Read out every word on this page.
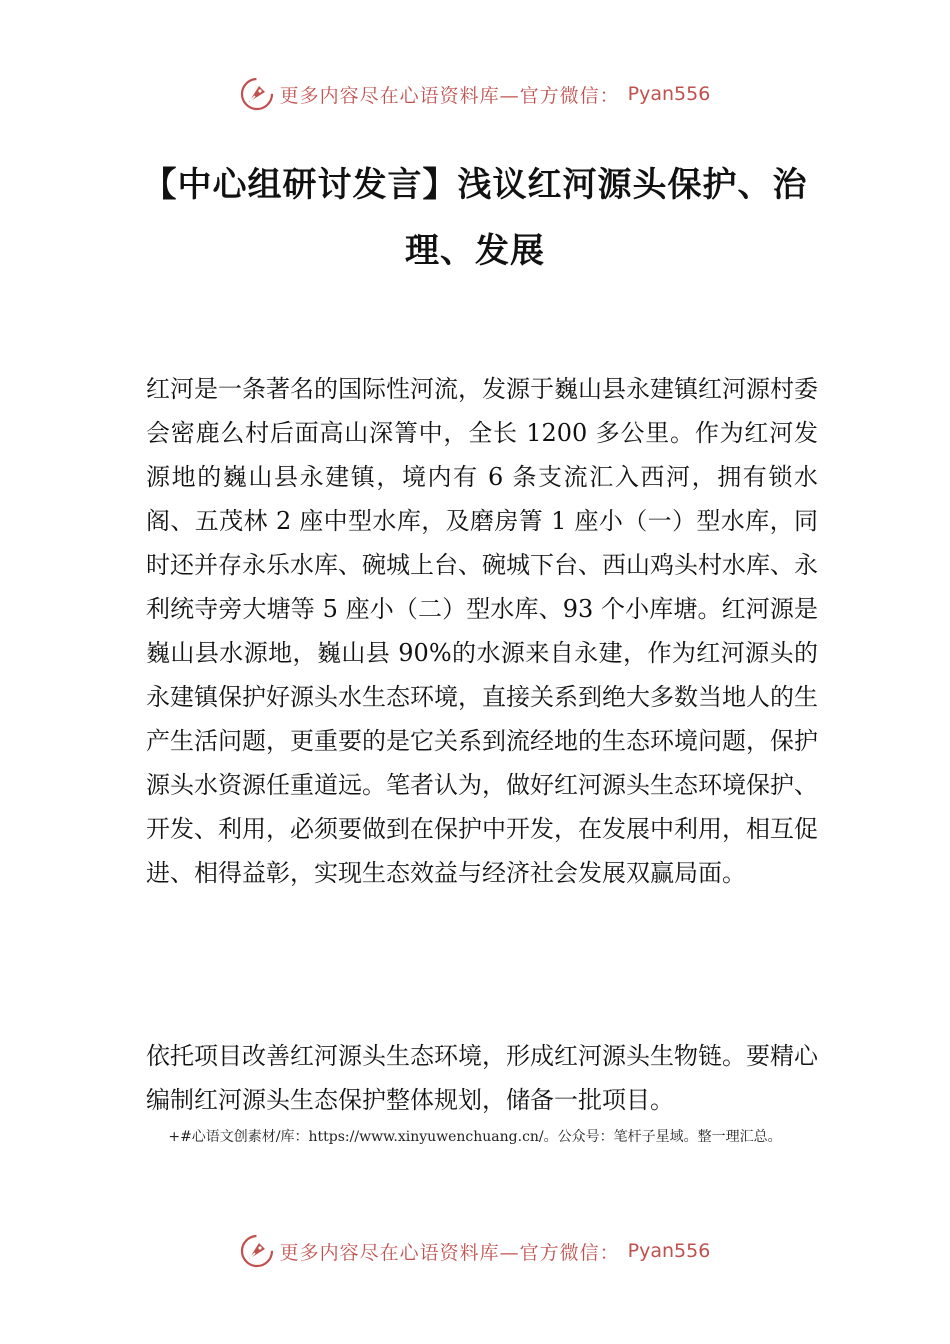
更多内容尽在心语资料库—官方微信： Pyan556
【中心组研讨发言】浅议红河源头保护、治理、发展

红河是一条著名的国际性河流，发源于巍山县永建镇红河源村委会密鹿么村后面高山深箐中，全长 1200 多公里。作为红河发源地的巍山县永建镇，境内有 6 条支流汇入西河，拥有锁水阁、五茂林 2 座中型水库，及磨房箐 1 座小（一）型水库，同时还并存永乐水库、碗城上台、碗城下台、西山鸡头村水库、永利统寺旁大塘等 5 座小（二）型水库、93 个小库塘。红河源是巍山县水源地，巍山县 90%的水源来自永建，作为红河源头的永建镇保护好源头水生态环境，直接关系到绝大多数当地人的生产生活问题，更重要的是它关系到流经地的生态环境问题，保护源头水资源任重道远。笔者认为，做好红河源头生态环境保护、开发、利用，必须要做到在保护中开发，在发展中利用，相互促进、相得益彰，实现生态效益与经济社会发展双赢局面。

依托项目改善红河源头生态环境，形成红河源头生物链。要精心编制红河源头生态保护整体规划，储备一批项目。

+#心语文创素材/库：https://www.xinyuwenchuang.cn/。公众号：笔杆子星域。整一理汇总。
更多内容尽在心语资料库—官方微信： Pyan556
